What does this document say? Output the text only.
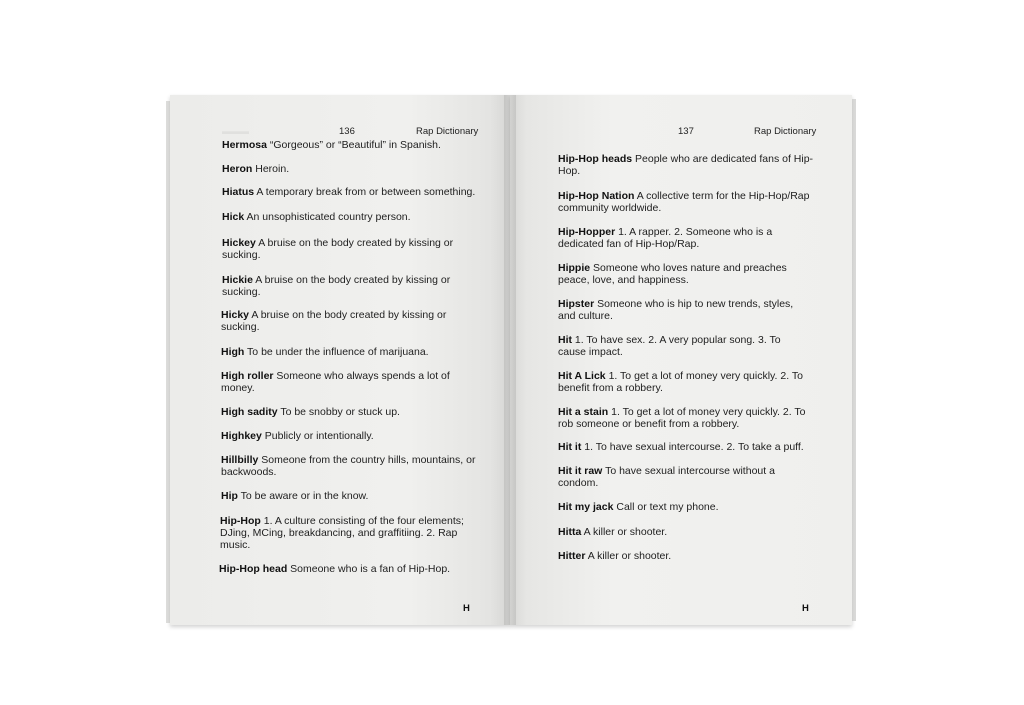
▬▬▬	136	Rap Dictionary
Hermosa “Gorgeous” or “Beautiful” in Spanish.
Heron Heroin.
Hiatus A temporary break from or between something.
Hick An unsophisticated country person.
Hickey A bruise on the body created by kissing or sucking.
Hickie A bruise on the body created by kissing or sucking.
Hicky A bruise on the body created by kissing or sucking.
High To be under the influence of marijuana.
High roller Someone who always spends a lot of money.
High sadity To be snobby or stuck up.
Highkey Publicly or intentionally.
Hillbilly Someone from the country hills, mountains, or backwoods.
Hip To be aware or in the know.
Hip-Hop 1. A culture consisting of the four elements; DJing, MCing, breakdancing, and graffitiing. 2. Rap music.
Hip-Hop head Someone who is a fan of Hip-Hop.
H
137	Rap Dictionary
Hip-Hop heads People who are dedicated fans of Hip-Hop.
Hip-Hop Nation A collective term for the Hip-Hop/Rap community worldwide.
Hip-Hopper 1. A rapper. 2. Someone who is a dedicated fan of Hip-Hop/Rap.
Hippie Someone who loves nature and preaches peace, love, and happiness.
Hipster Someone who is hip to new trends, styles, and culture.
Hit 1. To have sex. 2. A very popular song. 3. To cause impact.
Hit A Lick 1. To get a lot of money very quickly. 2. To benefit from a robbery.
Hit a stain 1. To get a lot of money very quickly. 2. To rob someone or benefit from a robbery.
Hit it 1. To have sexual intercourse. 2. To take a puff.
Hit it raw To have sexual intercourse without a condom.
Hit my jack Call or text my phone.
Hitta A killer or shooter.
Hitter A killer or shooter.
H
